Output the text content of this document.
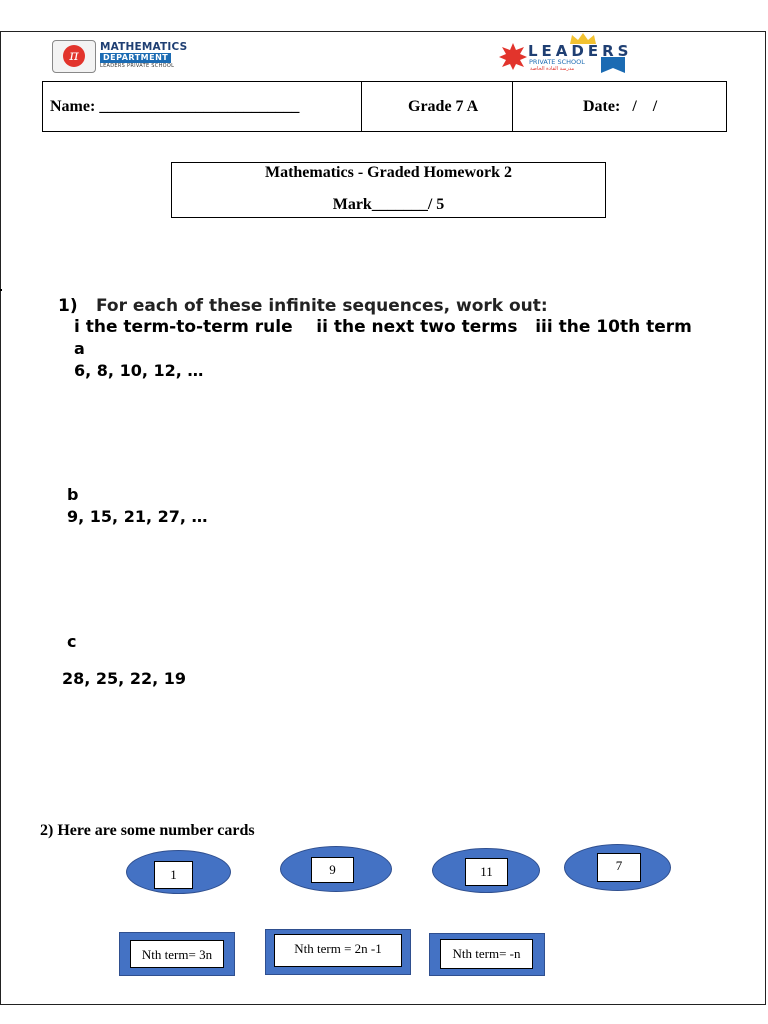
π
MATHEMATICS
DEPARTMENT
LEADERS PRIVATE SCHOOL
LEADERS
PRIVATE SCHOOL
مدرسة القادة الخاصة
Name: _________________________	Grade 7 A	Date:   /    /
Mathematics - Graded Homework 2
Mark_______/ 5
1) For each of these infinite sequences, work out:
i the term-to-term rule    ii the next two terms   iii the 10th term
a
6, 8, 10, 12, …
b
9, 15, 21, 27, …
c
28, 25, 22, 19
2) Here are some number cards
1	9	11	7
Nth term= 3n	Nth term = 2n -1	Nth term= -n
